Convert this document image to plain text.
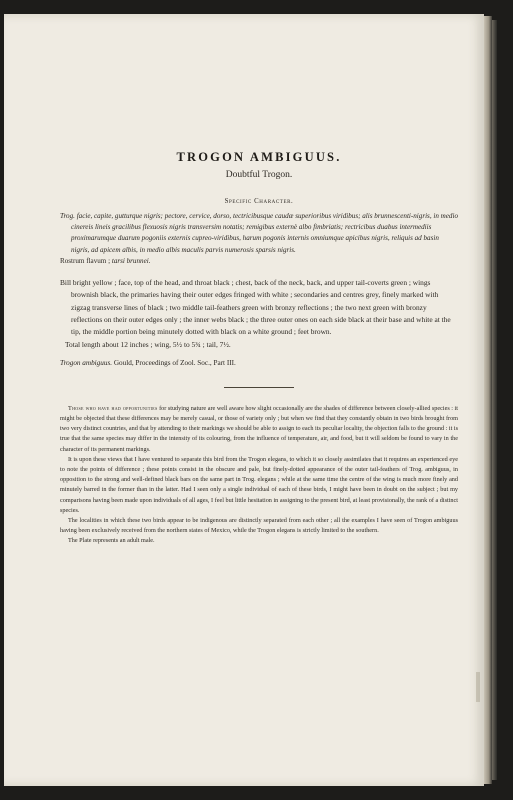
TROGON AMBIGUUS.
Doubtful Trogon.
Specific Character.
Trog. facie, capite, gutturque nigris; pectore, cervice, dorso, tectricibusque caudæ superioribus viridibus; alis brunnescenti-nigris, in medio cinereis lineis gracilibus flexuosis nigris transversim notatis; remigibus externè albo fimbriatis; rectricibus duabus intermediis proximarumque duarum pogoniis externis cupreo-viridibus, harum pogonis internis omniumque apicibus nigris, reliquis ad basin nigris, ad apicem albis, in medio albis maculis parvis numerosis sparsis nigris.
Rostrum flavum ; tarsi brunnei.
Bill bright yellow ; face, top of the head, and throat black ; chest, back of the neck, back, and upper tail-coverts green ; wings brownish black, the primaries having their outer edges fringed with white ; secondaries and centres grey, finely marked with zigzag transverse lines of black ; two middle tail-feathers green with bronzy reflections ; the two next green with bronzy reflections on their outer edges only ; the inner webs black ; the three outer ones on each side black at their base and white at the tip, the middle portion being minutely dotted with black on a white ground ; feet brown.
Total length about 12 inches ; wing, 5½ to 5¾ ; tail, 7½.
Trogon ambiguus. Gould, Proceedings of Zool. Soc., Part III.

Those who have had opportunities for studying nature are well aware how slight occasionally are the shades of difference between closely-allied species : it might be objected that these differences may be merely casual, or those of variety only ; but when we find that they constantly obtain in two birds brought from two very distinct countries, and that by attending to their markings we should be able to assign to each its peculiar locality, the objection falls to the ground : it is true that the same species may differ in the intensity of its colouring, from the influence of temperature, air, and food, but it will seldom be found to vary in the character of its permanent markings.

It is upon these views that I have ventured to separate this bird from the Trogon elegans, to which it so closely assimilates that it requires an experienced eye to note the points of difference ; these points consist in the obscure and pale, but finely-dotted appearance of the outer tail-feathers of Trog. ambiguus, in opposition to the strong and well-defined black bars on the same part in Trog. elegans ; while at the same time the centre of the wing is much more finely and minutely barred in the former than in the latter. Had I seen only a single individual of each of these birds, I might have been in doubt on the subject ; but my comparisons having been made upon individuals of all ages, I feel but little hesitation in assigning to the present bird, at least provisionally, the rank of a distinct species.

The localities in which these two birds appear to be indigenous are distinctly separated from each other ; all the examples I have seen of Trogon ambiguus having been exclusively received from the northern states of Mexico, while the Trogon elegans is strictly limited to the southern.

The Plate represents an adult male.
